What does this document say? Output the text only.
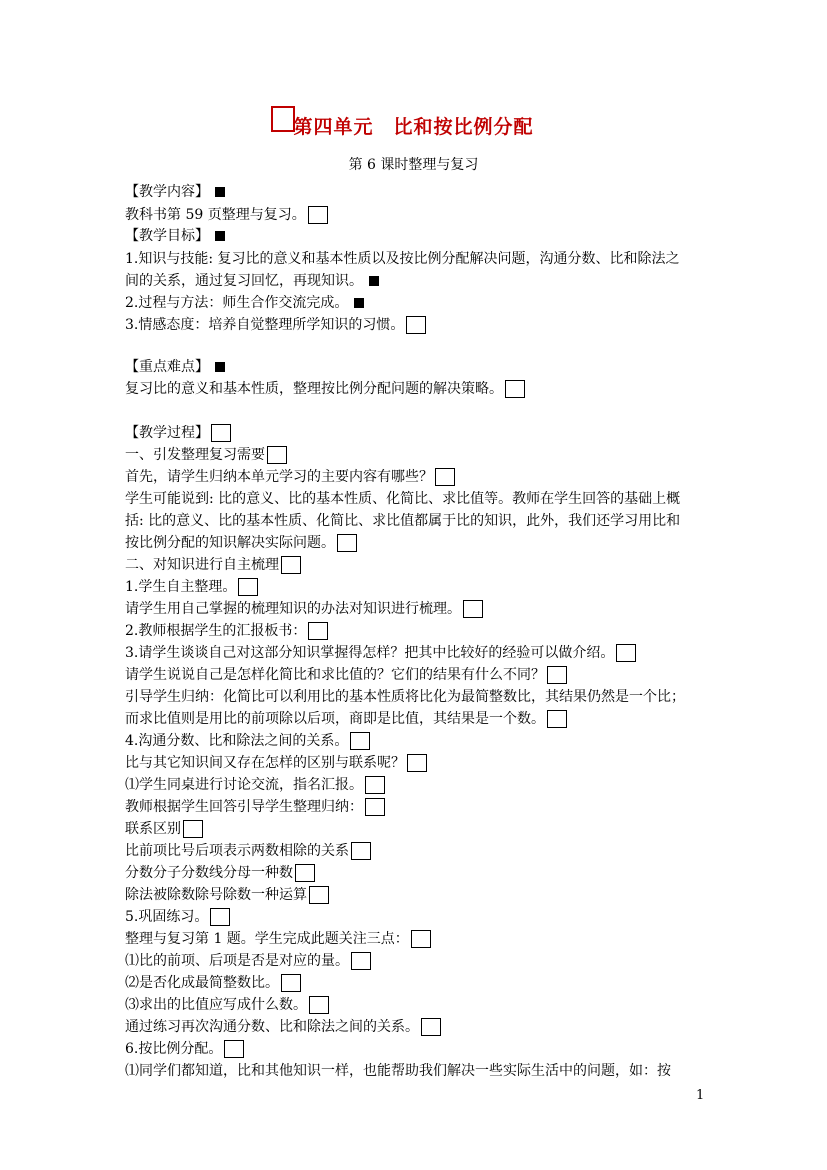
第四单元　比和按比例分配
第 6 课时整理与复习
【教学内容】
教科书第 59 页整理与复习。
【教学目标】
1.知识与技能: 复习比的意义和基本性质以及按比例分配解决问题，沟通分数、比和除法之
间的关系，通过复习回忆，再现知识。
2.过程与方法：师生合作交流完成。
3.情感态度：培养自觉整理所学知识的习惯。
【重点难点】
复习比的意义和基本性质，整理按比例分配问题的解决策略。
【教学过程】
一、引发整理复习需要
首先，请学生归纳本单元学习的主要内容有哪些？
学生可能说到: 比的意义、比的基本性质、化简比、求比值等。教师在学生回答的基础上概
括: 比的意义、比的基本性质、化简比、求比值都属于比的知识，此外，我们还学习用比和
按比例分配的知识解决实际问题。
二、对知识进行自主梳理
1.学生自主整理。
请学生用自己掌握的梳理知识的办法对知识进行梳理。
2.教师根据学生的汇报板书：
3.请学生谈谈自己对这部分知识掌握得怎样？把其中比较好的经验可以做介绍。
请学生说说自己是怎样化简比和求比值的？它们的结果有什么不同？
引导学生归纳：化简比可以利用比的基本性质将比化为最简整数比，其结果仍然是一个比；
而求比值则是用比的前项除以后项，商即是比值，其结果是一个数。
4.沟通分数、比和除法之间的关系。
比与其它知识间又存在怎样的区别与联系呢？
⑴学生同桌进行讨论交流，指名汇报。
教师根据学生回答引导学生整理归纳：
联系区别
比前项比号后项表示两数相除的关系
分数分子分数线分母一种数
除法被除数除号除数一种运算
5.巩固练习。
整理与复习第 1 题。学生完成此题关注三点：
⑴比的前项、后项是否是对应的量。
⑵是否化成最简整数比。
⑶求出的比值应写成什么数。
通过练习再次沟通分数、比和除法之间的关系。
6.按比例分配。
⑴同学们都知道，比和其他知识一样，也能帮助我们解决一些实际生活中的问题，如：按
1
